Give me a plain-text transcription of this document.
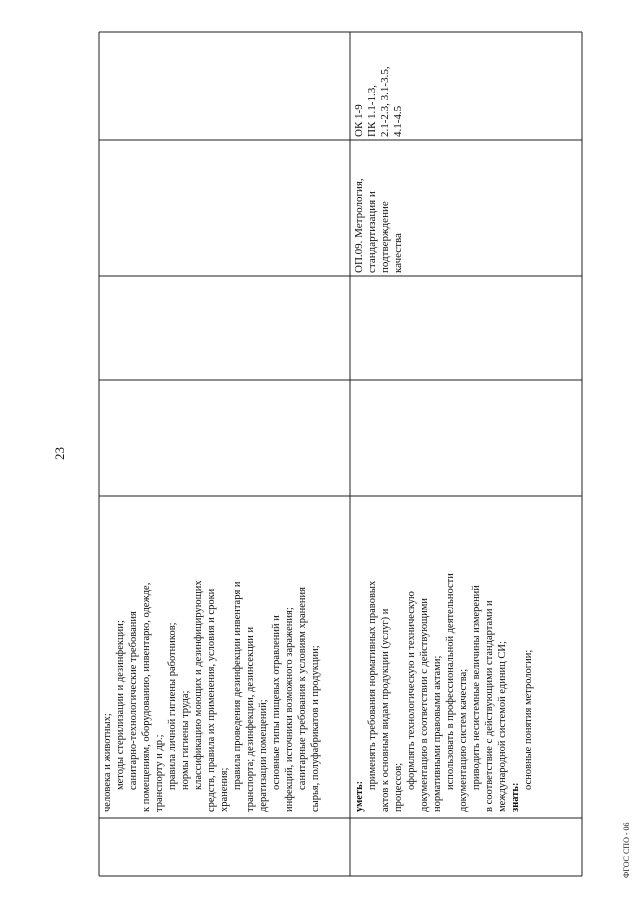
23
человека и животных; методы стерилизации и дезинфекции; санитарно-технологические требования к помещениям, оборудованию, инвентарю, одежде, транспорту и др.; правила личной гигиены работников; нормы гигиены труда; классификацию моющих и дезинфицирующих средств, правила их применения, условия и сроки хранения; правила проведения дезинфекции инвентаря и транспорта; дезинфекции, дезинсекции и дератизации помещений; основные типы пищевых отравлений и инфекций, источники возможного заражения; санитарные требования к условиям хранения сырья, полуфабрикатов и продукции;	уметь:
применять требования нормативных правовых актов к основным видам продукции (услуг) и процессов; оформлять технологическую и техническую документацию в соответствии с действующими нормативными правовыми актами; использовать в профессиональной деятельности документацию систем качества; приводить несистемные величины измерений в соответствие с действующими стандартами и международной системой единиц СИ; знать:
основные понятия метрологии;
ОП.09. Метрология, стандартизация и подтверждение качества
ОК 1-9 ПК 1.1-1.3, 2.1-2.3, 3.1-3.5, 4.1-4.5
ФГОС СПО - 06
